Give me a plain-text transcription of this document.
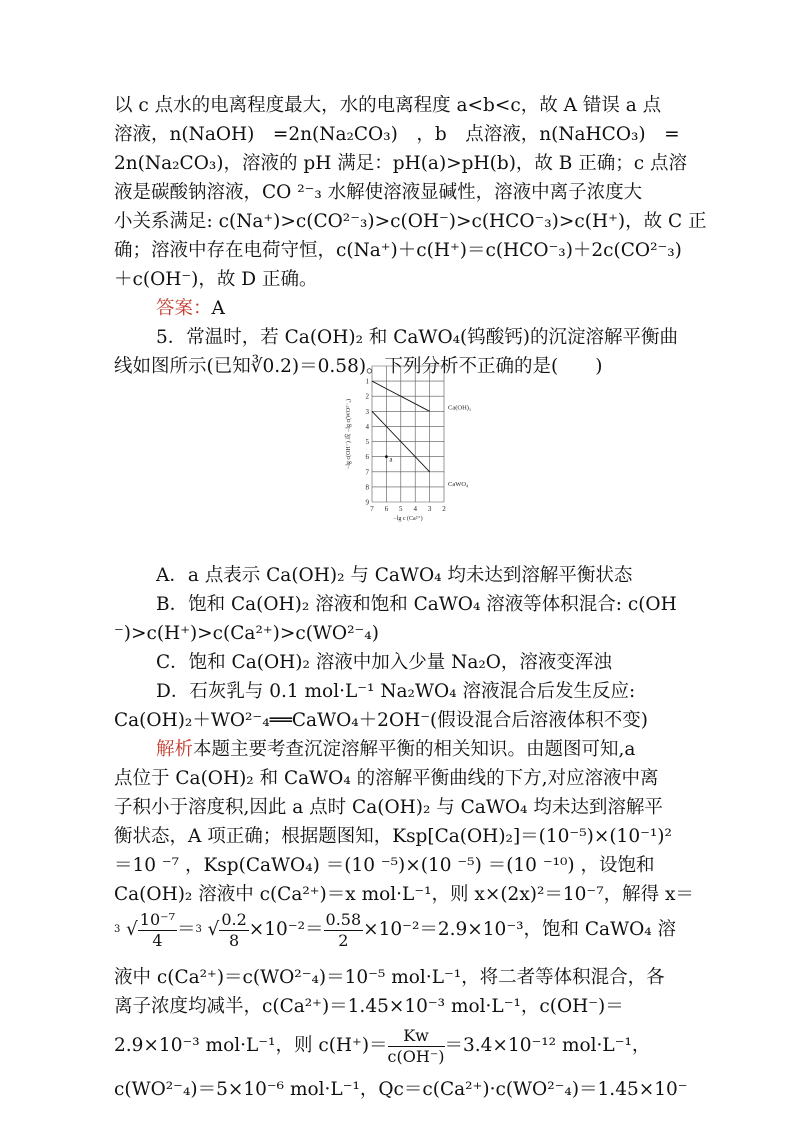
以 c 点水的电离程度最大，水的电离程度 a<b<c，故 A 错误 a 点
溶液，n(NaOH)　=2n(Na₂CO₃)　，b　点溶液，n(NaHCO₃)　=
2n(Na₂CO₃)，溶液的 pH 满足：pH(a)>pH(b)，故 B 正确；c 点溶
液是碳酸钠溶液，CO ²⁻₃ 水解使溶液显碱性，溶液中离子浓度大
小关系满足: c(Na⁺)>c(CO²⁻₃)>c(OH⁻)>c(HCO⁻₃)>c(H⁺)，故 C 正
确；溶液中存在电荷守恒，c(Na⁺)＋c(H⁺)＝c(HCO⁻₃)＋2c(CO²⁻₃)
＋c(OH⁻)，故 D 正确。
答案：A
5．常温时，若 Ca(OH)₂ 和 CaWO₄(钨酸钙)的沉淀溶解平衡曲
线如图所示(已知∛0.2)＝0.58)。下列分析不正确的是(　　)
A．a 点表示 Ca(OH)₂ 与 CaWO₄ 均未达到溶解平衡状态
B．饱和 Ca(OH)₂ 溶液和饱和 CaWO₄ 溶液等体积混合: c(OH
⁻)>c(H⁺)>c(Ca²⁺)>c(WO²⁻₄)
C．饱和 Ca(OH)₂ 溶液中加入少量 Na₂O，溶液变浑浊
D．石灰乳与 0.1 mol·L⁻¹ Na₂WO₄ 溶液混合后发生反应:
Ca(OH)₂＋WO²⁻₄══CaWO₄＋2OH⁻(假设混合后溶液体积不变)
解析本题主要考查沉淀溶解平衡的相关知识。由题图可知,a
点位于 Ca(OH)₂ 和 CaWO₄ 的溶解平衡曲线的下方,对应溶液中离
子积小于溶度积,因此 a 点时 Ca(OH)₂ 与 CaWO₄ 均未达到溶解平
衡状态，A 项正确；根据题图知，Ksp[Ca(OH)₂]＝(10⁻⁵)×(10⁻¹)²
＝10 ⁻⁷ ，Ksp(CaWO₄) ＝(10 ⁻⁵)×(10 ⁻⁵) ＝(10 ⁻¹⁰) ，设饱和
Ca(OH)₂ 溶液中 c(Ca²⁺)＝x mol·L⁻¹，则 x×(2x)²＝10⁻⁷，解得 x＝
3 √ $\frac{\text{10⁻⁷}}{4} = 3$ √ $\frac{0.2}{8} \times 10^{-2}= \frac{0.58}{2} \times 10^{-2}=2.9\times 10^{-3}$，饱和 CaWO₄ 溶
液中 c(Ca²⁺)＝c(WO²⁻₄)＝10⁻⁵ mol·L⁻¹，将二者等体积混合，各
离子浓度均减半，c(Ca²⁺)＝1.45×10⁻³ mol·L⁻¹，c(OH⁻)＝
2.9×10⁻³ mol·L⁻¹，则 $c(H^+)= \frac{Kw}{c(OH^-)} =3.4\times 10^{-12}$ mol·L⁻¹，
c(WO²⁻₄)＝5×10⁻⁶ mol·L⁻¹，Qc＝c(Ca²⁺)·c(WO²⁻₄)＝1.45×10⁻
7 6 5 4 3 2
1
2
3
4
5
6
7
8
9
−lg c (Ca²⁺)
−lg c(OH⁻) 或 −lg c(WO²⁻₄)	Ca(OH)₂
CaWO₄
a
